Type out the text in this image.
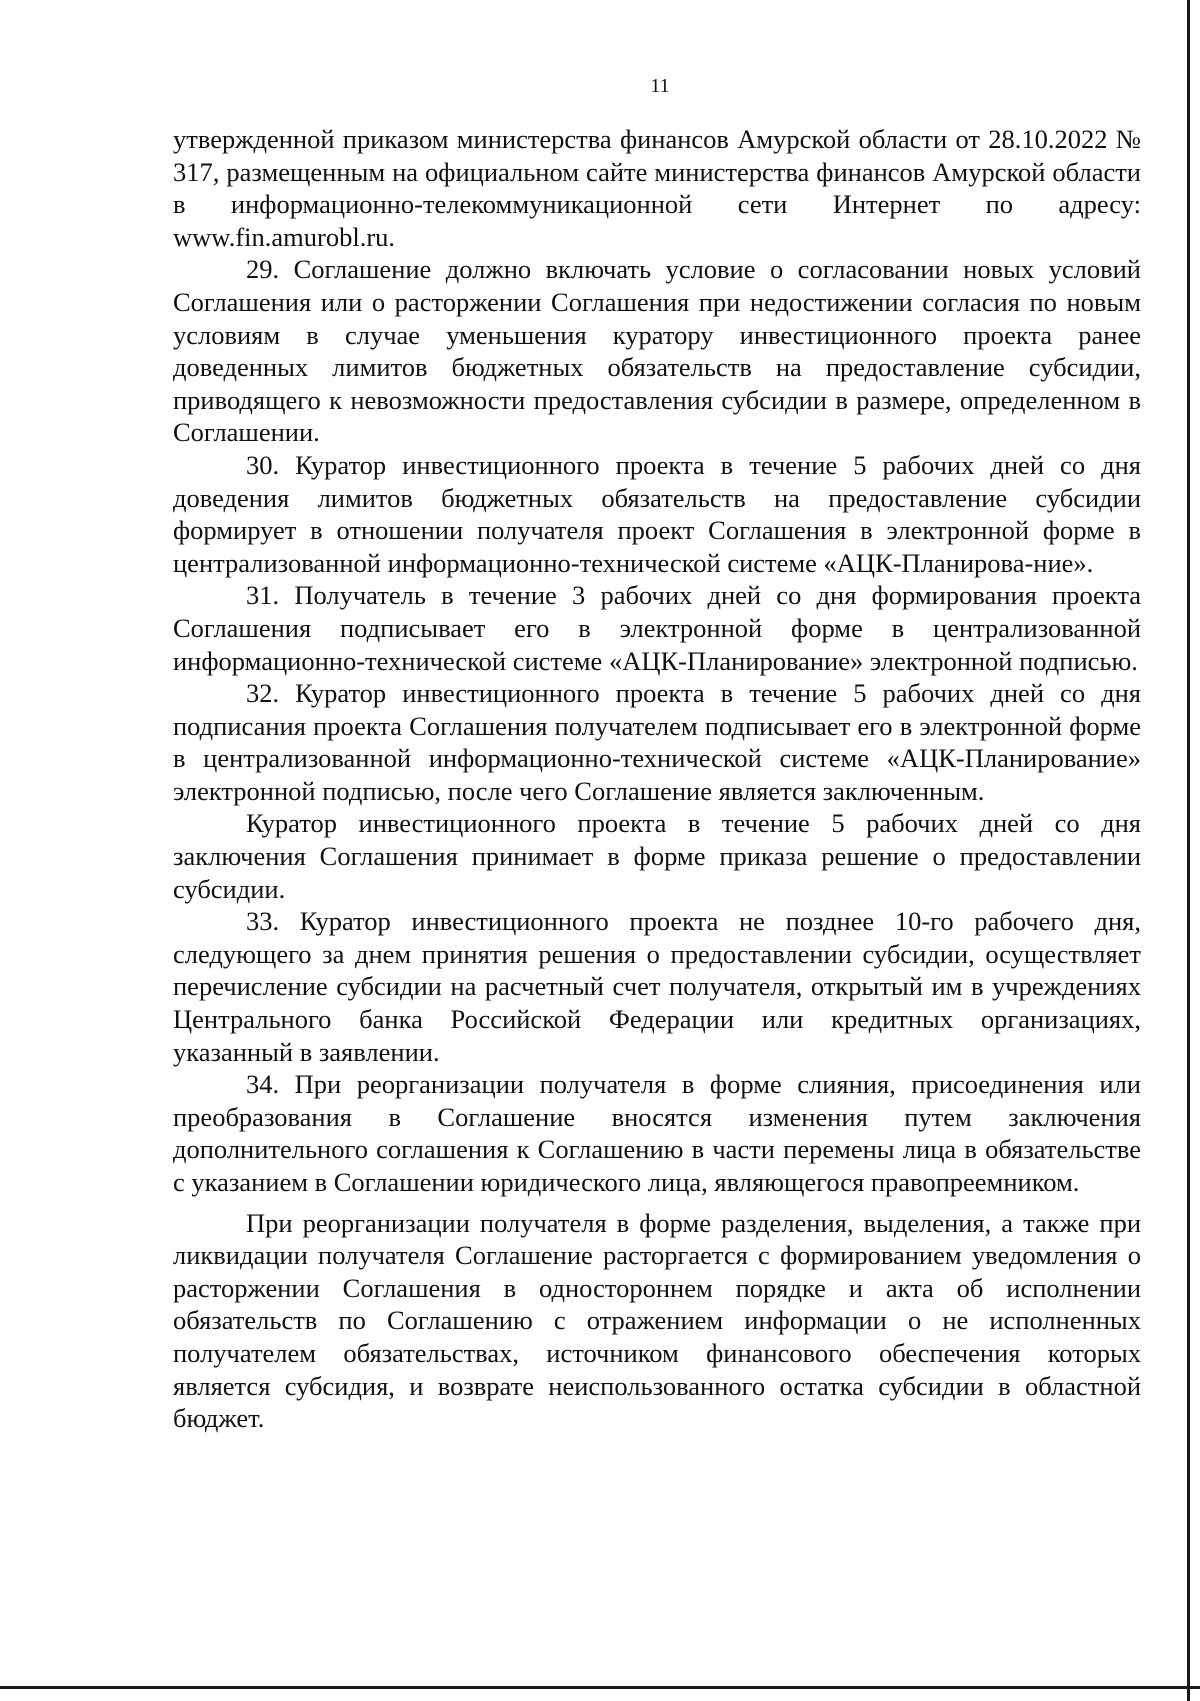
11

утвержденной приказом министерства финансов Амурской области от 28.10.2022 № 317, размещенным на официальном сайте министерства финансов Амурской области в информационно-телекоммуникационной сети Интернет по адресу: www.fin.amurobl.ru.

29. Соглашение должно включать условие о согласовании новых условий Соглашения или о расторжении Соглашения при недостижении согласия по новым условиям в случае уменьшения куратору инвестиционного проекта ранее доведенных лимитов бюджетных обязательств на предоставление субсидии, приводящего к невозможности предоставления субсидии в размере, определенном в Соглашении.

30. Куратор инвестиционного проекта в течение 5 рабочих дней со дня доведения лимитов бюджетных обязательств на предоставление субсидии формирует в отношении получателя проект Соглашения в электронной форме в централизованной информационно-технической системе «АЦК-Планирова-ние».

31. Получатель в течение 3 рабочих дней со дня формирования проекта Соглашения подписывает его в электронной форме в централизованной информационно-технической системе «АЦК-Планирование» электронной подписью.

32. Куратор инвестиционного проекта в течение 5 рабочих дней со дня подписания проекта Соглашения получателем подписывает его в электронной форме в централизованной информационно-технической системе «АЦК-Планирование» электронной подписью, после чего Соглашение является заключенным.

Куратор инвестиционного проекта в течение 5 рабочих дней со дня заключения Соглашения принимает в форме приказа решение о предоставлении субсидии.

33. Куратор инвестиционного проекта не позднее 10-го рабочего дня, следующего за днем принятия решения о предоставлении субсидии, осуществляет перечисление субсидии на расчетный счет получателя, открытый им в учреждениях Центрального банка Российской Федерации или кредитных организациях, указанный в заявлении.

34. При реорганизации получателя в форме слияния, присоединения или преобразования в Соглашение вносятся изменения путем заключения дополнительного соглашения к Соглашению в части перемены лица в обязательстве с указанием в Соглашении юридического лица, являющегося правопреемником.

При реорганизации получателя в форме разделения, выделения, а также при ликвидации получателя Соглашение расторгается с формированием уведомления о расторжении Соглашения в одностороннем порядке и акта об исполнении обязательств по Соглашению с отражением информации о не исполненных получателем обязательствах, источником финансового обеспечения которых является субсидия, и возврате неиспользованного остатка субсидии в областной бюджет.
